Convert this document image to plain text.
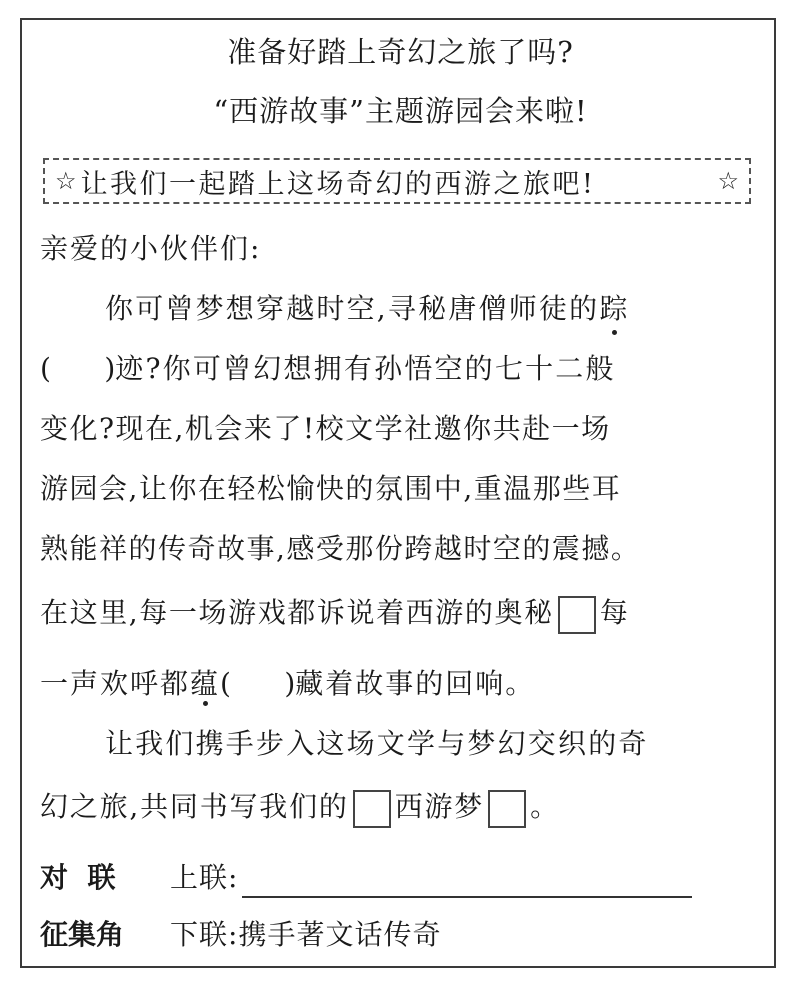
准备好踏上奇幻之旅了吗?
“西游故事”主题游园会来啦!
☆ 让我们一起踏上这场奇幻的西游之旅吧!	☆
亲爱的小伙伴们:
你可曾梦想穿越时空,寻秘唐僧师徒的踪
(      )迹?你可曾幻想拥有孙悟空的七十二般
变化?现在,机会来了!校文学社邀你共赴一场
游园会,让你在轻松愉快的氛围中,重温那些耳
熟能祥的传奇故事,感受那份跨越时空的震撼。
在这里,每一场游戏都诉说着西游的奥秘 每
一声欢呼都蕴(      )藏着故事的回响。
让我们携手步入这场文学与梦幻交织的奇
幻之旅,共同书写我们的 西游梦 。
对  联 上联:
征集角 下联:携手著文话传奇
